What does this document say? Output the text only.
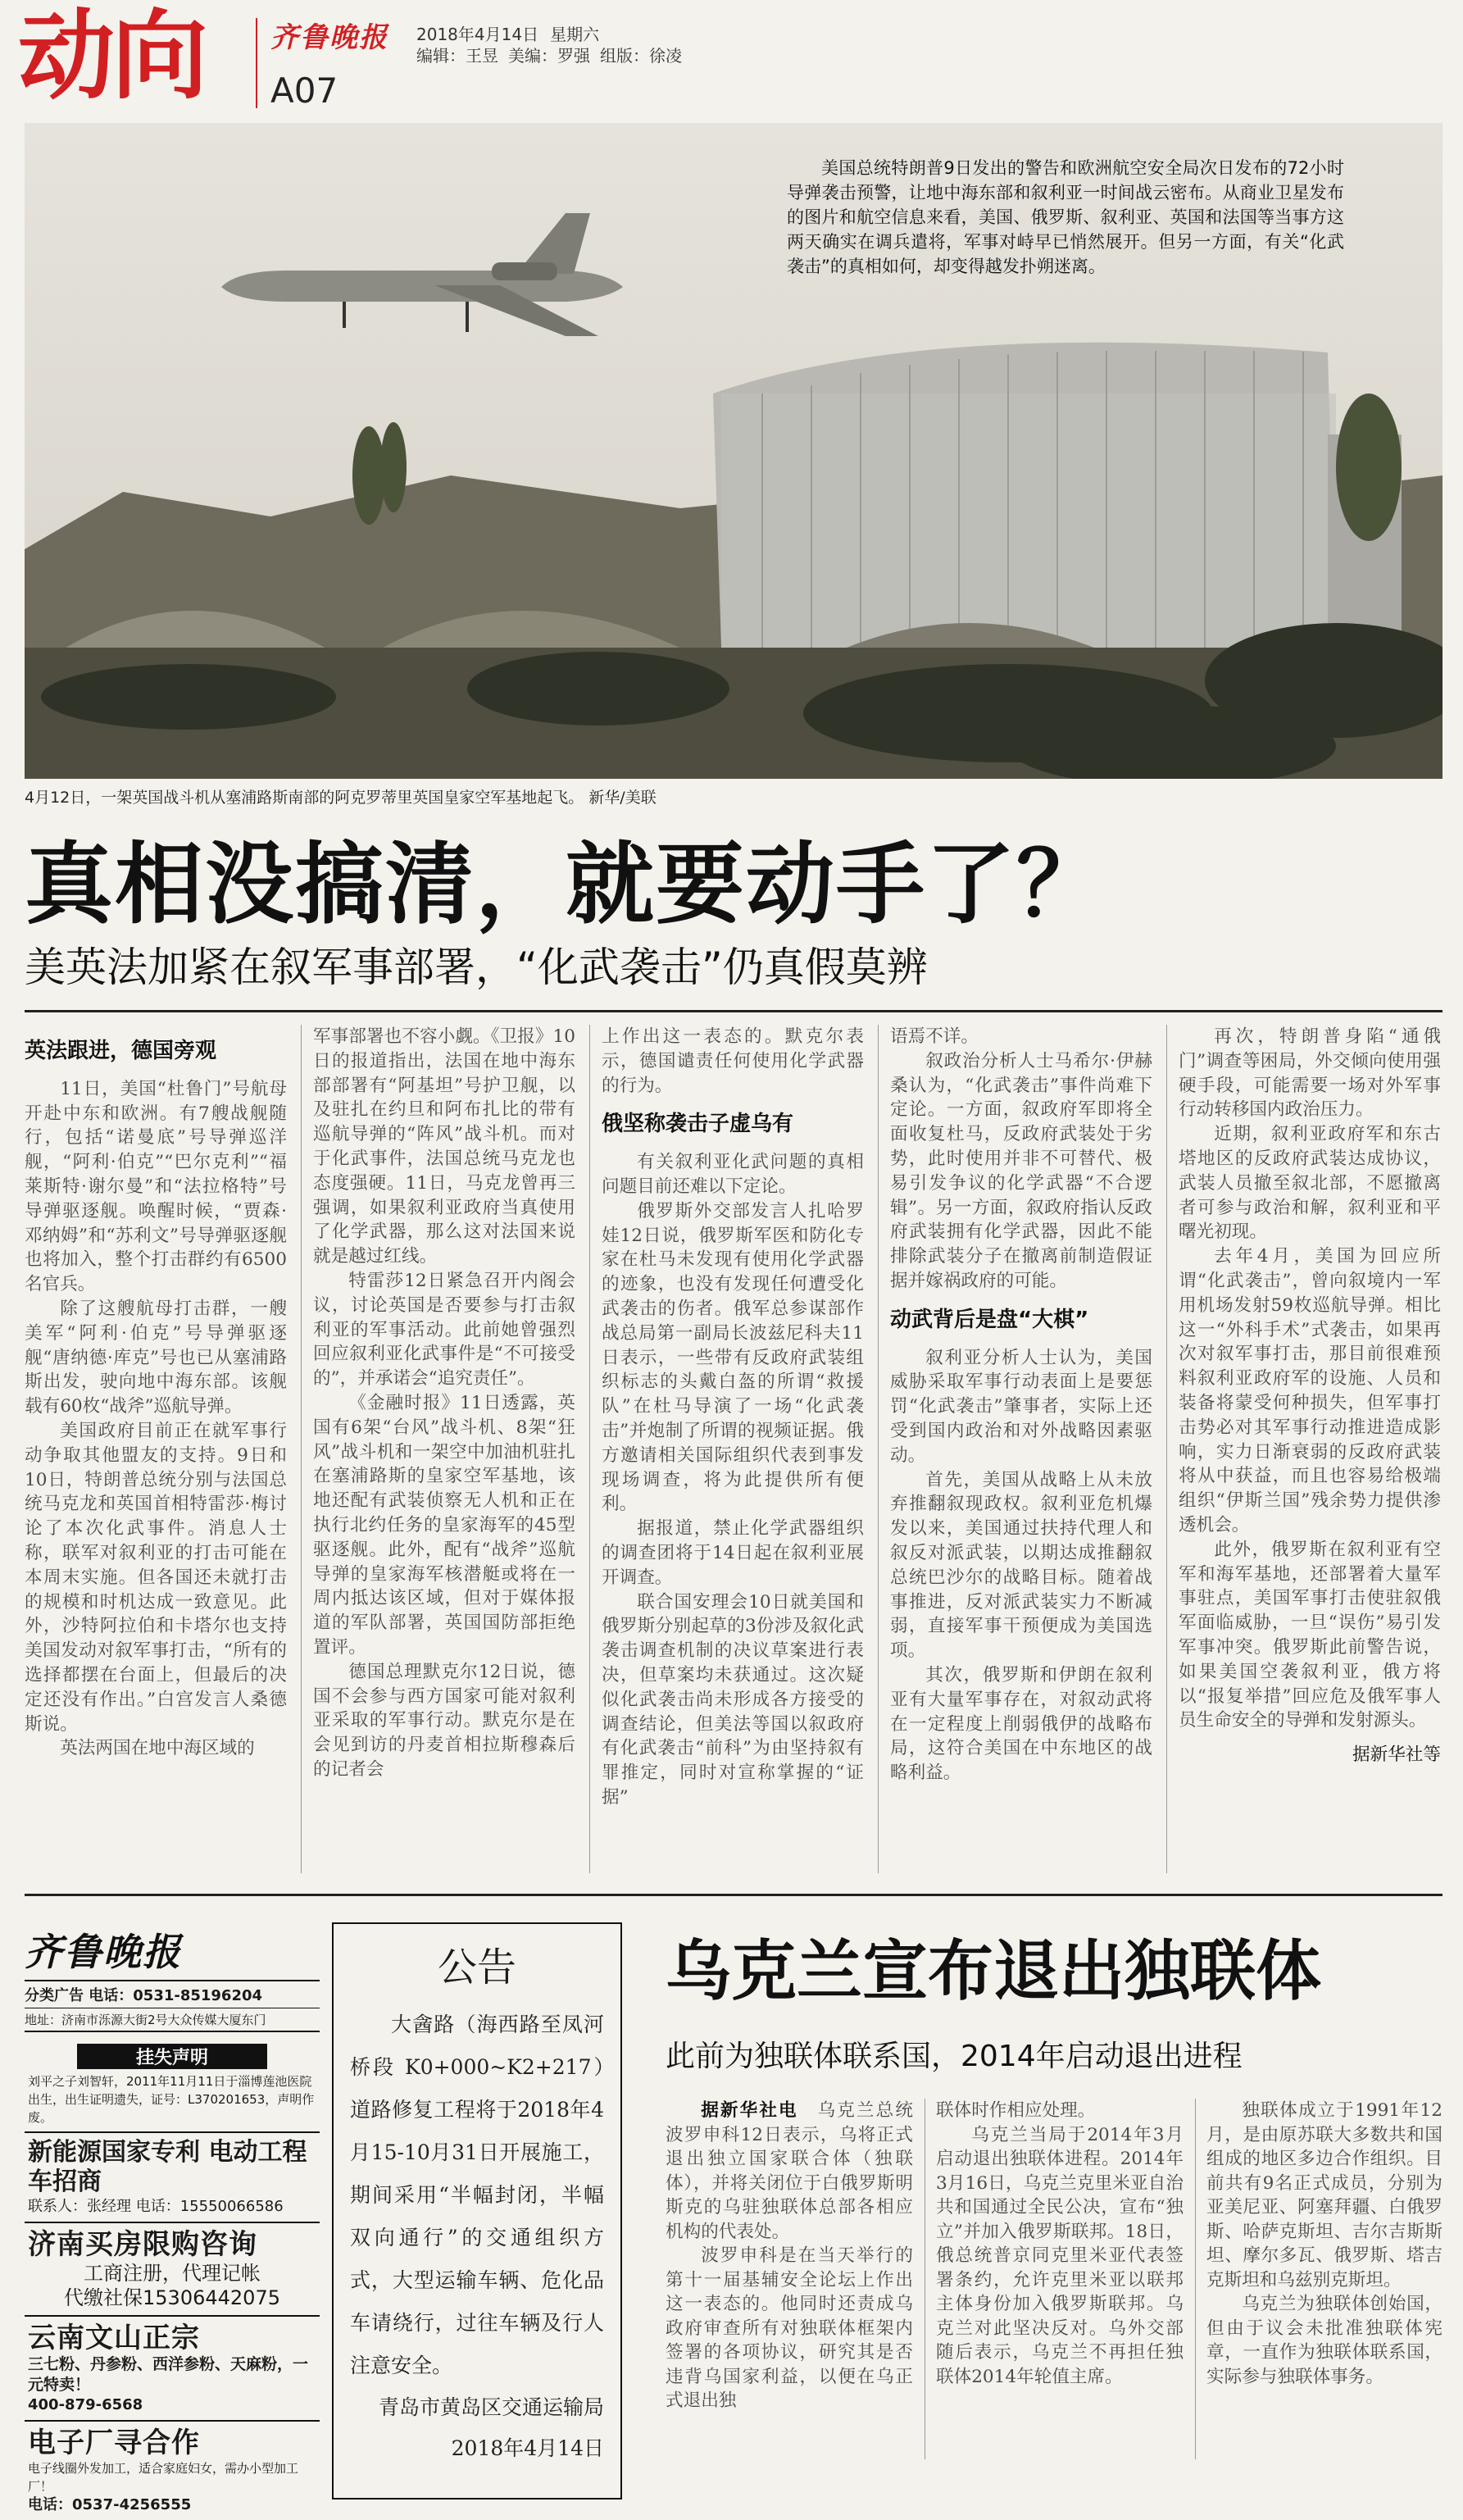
动向 齐鲁晚报 2018年4月14日 星期六
编辑：王昱 美编：罗强 组版：徐凌
A07
美国总统特朗普9日发出的警告和欧洲航空安全局次日发布的72小时导弹袭击预警，让地中海东部和叙利亚一时间战云密布。从商业卫星发布的图片和航空信息来看，美国、俄罗斯、叙利亚、英国和法国等当事方这两天确实在调兵遣将，军事对峙早已悄然展开。但另一方面，有关“化武袭击”的真相如何，却变得越发扑朔迷离。
4月12日，一架英国战斗机从塞浦路斯南部的阿克罗蒂里英国皇家空军基地起飞。 新华/美联
真相没搞清，就要动手了？
美英法加紧在叙军事部署，“化武袭击”仍真假莫辨

英法跟进，德国旁观

11日，美国“杜鲁门”号航母开赴中东和欧洲。有7艘战舰随行，包括“诺曼底”号导弹巡洋舰，“阿利·伯克”“巴尔克利”“福莱斯特·谢尔曼”和“法拉格特”号导弹驱逐舰。唤醒时候，“贾森·邓纳姆”和“苏利文”号导弹驱逐舰也将加入，整个打击群约有6500名官兵。

除了这艘航母打击群，一艘美军“阿利·伯克”号导弹驱逐舰“唐纳德·库克”号也已从塞浦路斯出发，驶向地中海东部。该舰载有60枚“战斧”巡航导弹。

美国政府目前正在就军事行动争取其他盟友的支持。9日和10日，特朗普总统分别与法国总统马克龙和英国首相特雷莎·梅讨论了本次化武事件。消息人士称，联军对叙利亚的打击可能在本周末实施。但各国还未就打击的规模和时机达成一致意见。此外，沙特阿拉伯和卡塔尔也支持美国发动对叙军事打击，“所有的选择都摆在台面上，但最后的决定还没有作出。”白宫发言人桑德斯说。

英法两国在地中海区域的

军事部署也不容小觑。《卫报》10日的报道指出，法国在地中海东部部署有“阿基坦”号护卫舰，以及驻扎在约旦和阿布扎比的带有巡航导弹的“阵风”战斗机。而对于化武事件，法国总统马克龙也态度强硬。11日，马克龙曾再三强调，如果叙利亚政府当真使用了化学武器，那么这对法国来说就是越过红线。

特雷莎12日紧急召开内阁会议，讨论英国是否要参与打击叙利亚的军事活动。此前她曾强烈回应叙利亚化武事件是“不可接受的”，并承诺会“追究责任”。

《金融时报》11日透露，英国有6架“台风”战斗机、8架“狂风”战斗机和一架空中加油机驻扎在塞浦路斯的皇家空军基地，该地还配有武装侦察无人机和正在执行北约任务的皇家海军的45型驱逐舰。此外，配有“战斧”巡航导弹的皇家海军核潜艇或将在一周内抵达该区域，但对于媒体报道的军队部署，英国国防部拒绝置评。

德国总理默克尔12日说，德国不会参与西方国家可能对叙利亚采取的军事行动。默克尔是在会见到访的丹麦首相拉斯穆森后的记者会

上作出这一表态的。默克尔表示，德国谴责任何使用化学武器的行为。

俄坚称袭击子虚乌有

有关叙利亚化武问题的真相问题目前还难以下定论。

俄罗斯外交部发言人扎哈罗娃12日说，俄罗斯军医和防化专家在杜马未发现有使用化学武器的迹象，也没有发现任何遭受化武袭击的伤者。俄军总参谋部作战总局第一副局长波兹尼科夫11日表示，一些带有反政府武装组织标志的头戴白盔的所谓“救援队”在杜马导演了一场“化武袭击”并炮制了所谓的视频证据。俄方邀请相关国际组织代表到事发现场调查，将为此提供所有便利。

据报道，禁止化学武器组织的调查团将于14日起在叙利亚展开调查。

联合国安理会10日就美国和俄罗斯分别起草的3份涉及叙化武袭击调查机制的决议草案进行表决，但草案均未获通过。这次疑似化武袭击尚未形成各方接受的调查结论，但美法等国以叙政府有化武袭击“前科”为由坚持叙有罪推定，同时对宣称掌握的“证据”

语焉不详。

叙政治分析人士马希尔·伊赫桑认为，“化武袭击”事件尚难下定论。一方面，叙政府军即将全面收复杜马，反政府武装处于劣势，此时使用并非不可替代、极易引发争议的化学武器“不合逻辑”。另一方面，叙政府指认反政府武装拥有化学武器，因此不能排除武装分子在撤离前制造假证据并嫁祸政府的可能。

动武背后是盘“大棋”

叙利亚分析人士认为，美国威胁采取军事行动表面上是要惩罚“化武袭击”肇事者，实际上还受到国内政治和对外战略因素驱动。

首先，美国从战略上从未放弃推翻叙现政权。叙利亚危机爆发以来，美国通过扶持代理人和叙反对派武装，以期达成推翻叙总统巴沙尔的战略目标。随着战事推进，反对派武装实力不断减弱，直接军事干预便成为美国选项。

其次，俄罗斯和伊朗在叙利亚有大量军事存在，对叙动武将在一定程度上削弱俄伊的战略布局，这符合美国在中东地区的战略利益。

再次，特朗普身陷“通俄门”调查等困局，外交倾向使用强硬手段，可能需要一场对外军事行动转移国内政治压力。

近期，叙利亚政府军和东古塔地区的反政府武装达成协议，武装人员撤至叙北部，不愿撤离者可参与政治和解，叙利亚和平曙光初现。

去年4月，美国为回应所谓“化武袭击”，曾向叙境内一军用机场发射59枚巡航导弹。相比这一“外科手术”式袭击，如果再次对叙军事打击，那目前很难预料叙利亚政府军的设施、人员和装备将蒙受何种损失，但军事打击势必对其军事行动推进造成影响，实力日渐衰弱的反政府武装将从中获益，而且也容易给极端组织“伊斯兰国”残余势力提供渗透机会。

此外，俄罗斯在叙利亚有空军和海军基地，还部署着大量军事驻点，美国军事打击使驻叙俄军面临威胁，一旦“误伤”易引发军事冲突。俄罗斯此前警告说，如果美国空袭叙利亚，俄方将以“报复举措”回应危及俄军事人员生命安全的导弹和发射源头。

据新华社等

齐鲁晚报
分类广告 电话：0531-85196204
地址：济南市泺源大街2号大众传媒大厦东门
挂失声明
刘平之子刘智轩，2011年11月11日于淄博莲池医院出生，出生证明遗失，证号：L370201653，声明作废。
新能源国家专利 电动工程车招商
联系人：张经理 电话：15550066586
济南买房限购咨询
工商注册，代理记帐
代缴社保15306442075
云南文山正宗
三七粉、丹参粉、西洋参粉、天麻粉，一元特卖！
400-879-6568
电子厂寻合作
电子线圈外发加工，适合家庭妇女，需办小型加工厂！
电话：0537-4256555
公告
大酓路（海西路至凤河桥段 K0+000~K2+217）道路修复工程将于2018年4月15-10月31日开展施工，期间采用“半幅封闭，半幅双向通行”的交通组织方式，大型运输车辆、危化品车请绕行，过往车辆及行人注意安全。
青岛市黄岛区交通运输局
2018年4月14日
乌克兰宣布退出独联体
此前为独联体联系国，2014年启动退出进程

据新华社电　 乌克兰总统波罗申科12日表示，乌将正式退出独立国家联合体（独联体），并将关闭位于白俄罗斯明斯克的乌驻独联体总部各相应机构的代表处。

波罗申科是在当天举行的第十一届基辅安全论坛上作出这一表态的。他同时还责成乌政府审查所有对独联体框架内签署的各项协议，研究其是否违背乌国家利益，以便在乌正式退出独

联体时作相应处理。

乌克兰当局于2014年3月启动退出独联体进程。2014年3月16日，乌克兰克里米亚自治共和国通过全民公决，宣布“独立”并加入俄罗斯联邦。18日，俄总统普京同克里米亚代表签署条约，允许克里米亚以联邦主体身份加入俄罗斯联邦。乌克兰对此坚决反对。乌外交部随后表示，乌克兰不再担任独联体2014年轮值主席。

独联体成立于1991年12月，是由原苏联大多数共和国组成的地区多边合作组织。目前共有9名正式成员，分别为亚美尼亚、阿塞拜疆、白俄罗斯、哈萨克斯坦、吉尔吉斯斯坦、摩尔多瓦、俄罗斯、塔吉克斯坦和乌兹别克斯坦。

乌克兰为独联体创始国，但由于议会未批准独联体宪章，一直作为独联体联系国，实际参与独联体事务。
